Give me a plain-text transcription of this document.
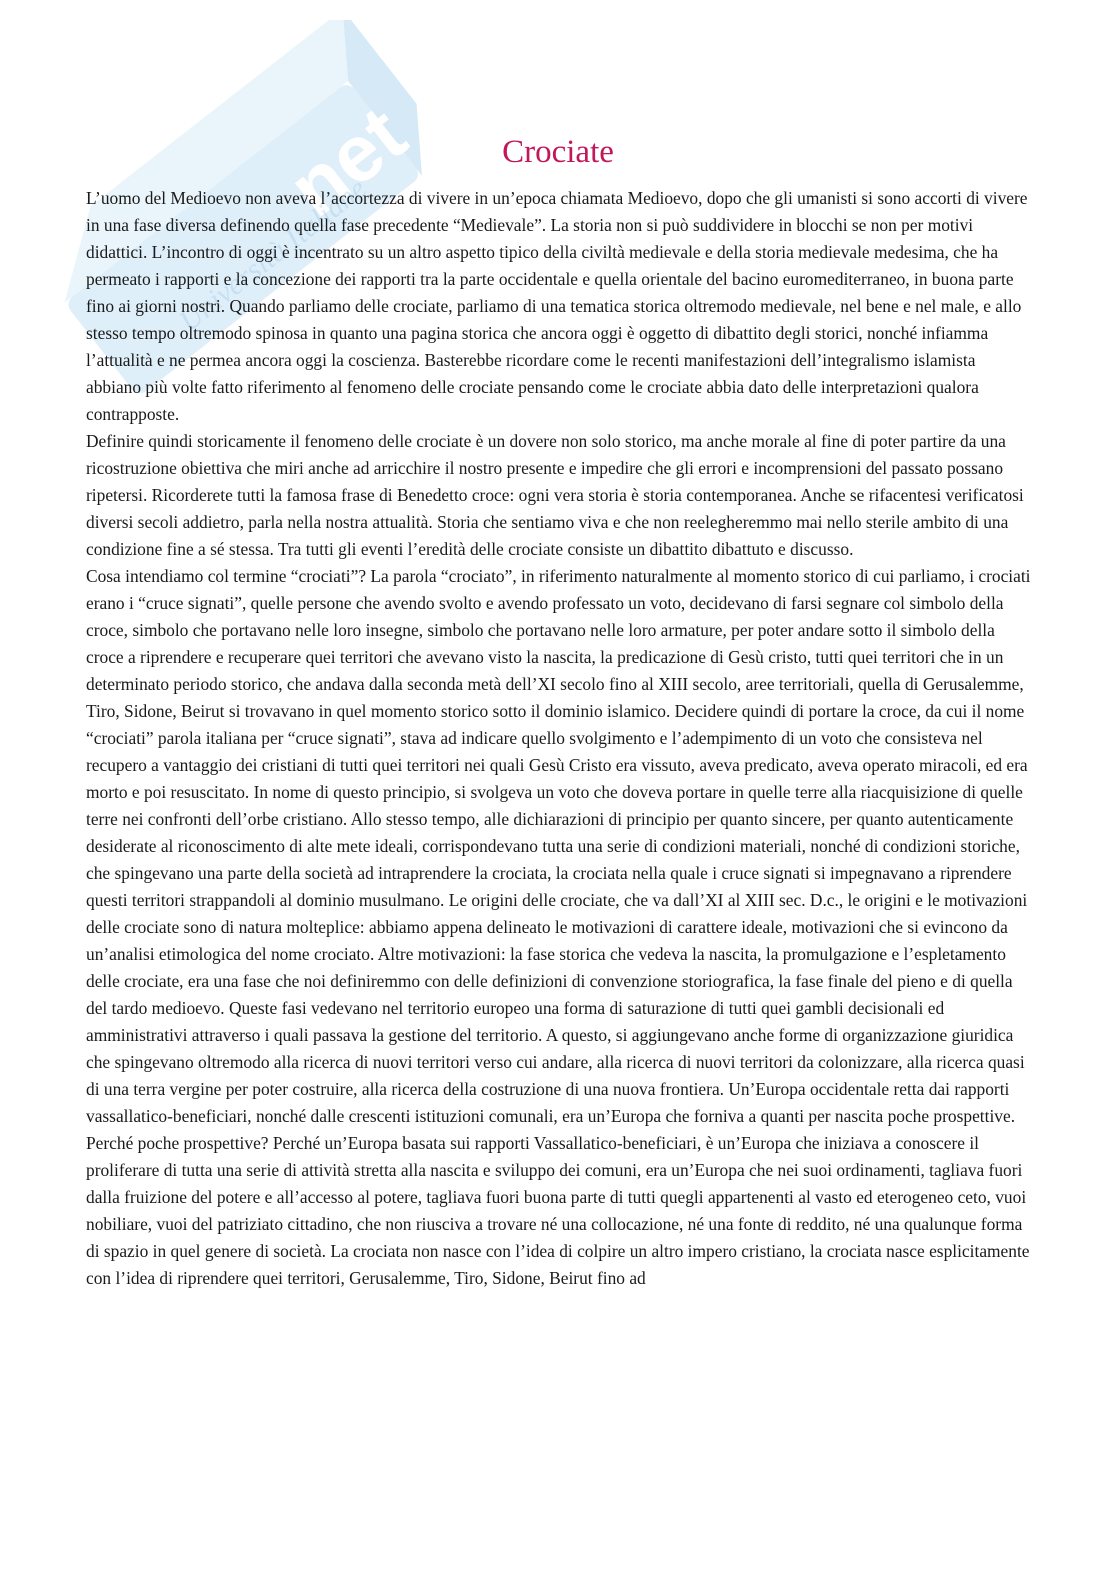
net
Università Italiane
Crociate

L’uomo del Medioevo non aveva l’accortezza di vivere in un’epoca chiamata Medioevo, dopo che gli umanisti si sono accorti di vivere in una fase diversa definendo quella fase precedente “Medievale”. La storia non si può suddividere in blocchi se non per motivi didattici. L’incontro di oggi è incentrato su un altro aspetto tipico della civiltà medievale e della storia medievale medesima, che ha permeato i rapporti e la concezione dei rapporti tra la parte occidentale e quella orientale del bacino euromediterraneo, in buona parte fino ai giorni nostri. Quando parliamo delle crociate, parliamo di una tematica storica oltremodo medievale, nel bene e nel male, e allo stesso tempo oltremodo spinosa in quanto una pagina storica che ancora oggi è oggetto di dibattito degli storici, nonché infiamma l’attualità e ne permea ancora oggi la coscienza. Basterebbe ricordare come le recenti manifestazioni dell’integralismo islamista abbiano più volte fatto riferimento al fenomeno delle crociate pensando come le crociate abbia dato delle interpretazioni qualora contrapposte.

Definire quindi storicamente il fenomeno delle crociate è un dovere non solo storico, ma anche morale al fine di poter partire da una ricostruzione obiettiva che miri anche ad arricchire il nostro presente e impedire che gli errori e incomprensioni del passato possano ripetersi. Ricorderete tutti la famosa frase di Benedetto croce: ogni vera storia è storia contemporanea. Anche se rifacentesi verificatosi diversi secoli addietro, parla nella nostra attualità. Storia che sentiamo viva e che non reelegheremmo mai nello sterile ambito di una condizione fine a sé stessa. Tra tutti gli eventi l’eredità delle crociate consiste un dibattito dibattuto e discusso.

Cosa intendiamo col termine “crociati”? La parola “crociato”, in riferimento naturalmente al momento storico di cui parliamo, i crociati erano i “cruce signati”, quelle persone che avendo svolto e avendo professato un voto, decidevano di farsi segnare col simbolo della croce, simbolo che portavano nelle loro insegne, simbolo che portavano nelle loro armature, per poter andare sotto il simbolo della croce a riprendere e recuperare quei territori che avevano visto la nascita, la predicazione di Gesù cristo, tutti quei territori che in un determinato periodo storico, che andava dalla seconda metà dell’XI secolo fino al XIII secolo, aree territoriali, quella di Gerusalemme, Tiro, Sidone, Beirut si trovavano in quel momento storico sotto il dominio islamico. Decidere quindi di portare la croce, da cui il nome “crociati” parola italiana per “cruce signati”, stava ad indicare quello svolgimento e l’adempimento di un voto che consisteva nel recupero a vantaggio dei cristiani di tutti quei territori nei quali Gesù Cristo era vissuto, aveva predicato, aveva operato miracoli, ed era morto e poi resuscitato. In nome di questo principio, si svolgeva un voto che doveva portare in quelle terre alla riacquisizione di quelle terre nei confronti dell’orbe cristiano. Allo stesso tempo, alle dichiarazioni di principio per quanto sincere, per quanto autenticamente desiderate al riconoscimento di alte mete ideali, corrispondevano tutta una serie di condizioni materiali, nonché di condizioni storiche, che spingevano una parte della società ad intraprendere la crociata, la crociata nella quale i cruce signati si impegnavano a riprendere questi territori strappandoli al dominio musulmano. Le origini delle crociate, che va dall’XI al XIII sec. D.c., le origini e le motivazioni delle crociate sono di natura molteplice: abbiamo appena delineato le motivazioni di carattere ideale, motivazioni che si evincono da un’analisi etimologica del nome crociato. Altre motivazioni: la fase storica che vedeva la nascita, la promulgazione e l’espletamento delle crociate, era una fase che noi definiremmo con delle definizioni di convenzione storiografica, la fase finale del pieno e di quella del tardo medioevo. Queste fasi vedevano nel territorio europeo una forma di saturazione di tutti quei gambli decisionali ed amministrativi attraverso i quali passava la gestione del territorio. A questo, si aggiungevano anche forme di organizzazione giuridica che spingevano oltremodo alla ricerca di nuovi territori verso cui andare, alla ricerca di nuovi territori da colonizzare, alla ricerca quasi di una terra vergine per poter costruire, alla ricerca della costruzione di una nuova frontiera. Un’Europa occidentale retta dai rapporti vassallatico-beneficiari, nonché dalle crescenti istituzioni comunali, era un’Europa che forniva a quanti per nascita poche prospettive. Perché poche prospettive? Perché un’Europa basata sui rapporti Vassallatico-beneficiari, è un’Europa che iniziava a conoscere il proliferare di tutta una serie di attività stretta alla nascita e sviluppo dei comuni, era un’Europa che nei suoi ordinamenti, tagliava fuori dalla fruizione del potere e all’accesso al potere, tagliava fuori buona parte di tutti quegli appartenenti al vasto ed eterogeneo ceto, vuoi nobiliare, vuoi del patriziato cittadino, che non riusciva a trovare né una collocazione, né una fonte di reddito, né una qualunque forma di spazio in quel genere di società. La crociata non nasce con l’idea di colpire un altro impero cristiano, la crociata nasce esplicitamente con l’idea di riprendere quei territori, Gerusalemme, Tiro, Sidone, Beirut fino ad
